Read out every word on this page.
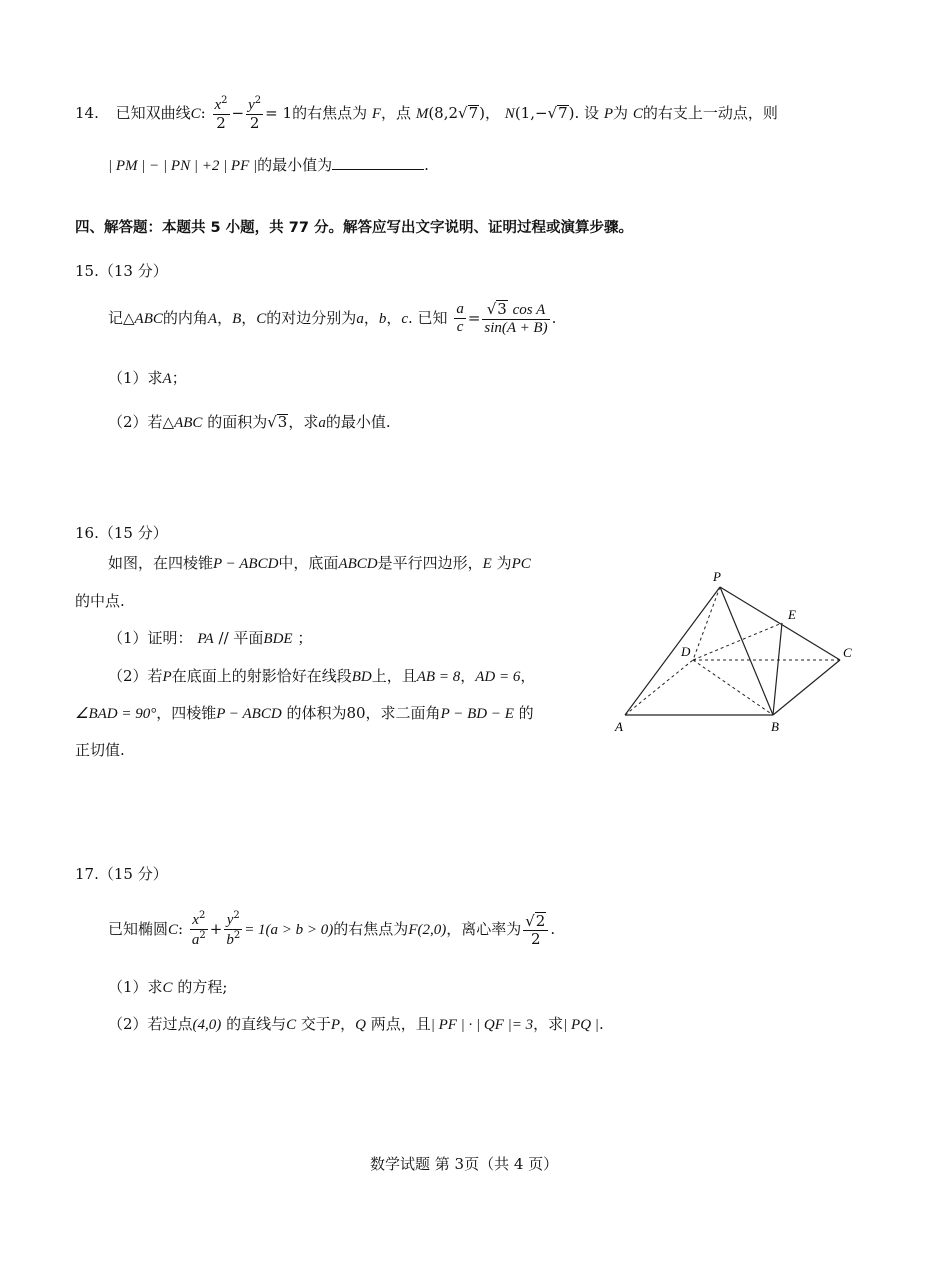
14. 已知双曲线C: $\frac{x^2}{2} - \frac{y^2}{2} = 1$的右焦点为 F，点 M(8,2√7)， N(1,−√7). 设 P为 C的右支上一动点，则
| PM | − | PN | +2 | PF |的最小值为	.
四、解答题：本题共 5 小题，共 77 分。解答应写出文字说明、证明过程或演算步骤。
15.（13 分）
记△ABC的内角A，B，C的对边分别为a，b，c. 已知 $\frac{a}{c} = \frac{\text{√3 cos A}}{\sin(A + B)}$ .
（1）求A；
（2）若△ABC 的面积为√3，求a的最小值.
16.（15 分）
如图，在四棱锥P − ABCD中，底面ABCD是平行四边形，E 为PC
的中点.
（1）证明： PA // 平面BDE ；
（2）若P在底面上的射影恰好在线段BD上，且AB = 8，AD = 6，
∠BAD = 90°，四棱锥P − ABCD 的体积为80，求二面角P − BD − E 的
正切值.
P
E
D	C
A	B
17.（15 分）
已知椭圆C: $\frac{x^2}{a^2} + \frac{y^2}{b^2} = 1(a > b > 0)$的右焦点为F(2,0)，离心率为 $\frac{√2}{2}$ .
（1）求C 的方程;
（2）若过点(4,0) 的直线与C 交于P，Q 两点，且| PF | · | QF |= 3，求| PQ |.
数学试题 第 3页（共 4 页）
